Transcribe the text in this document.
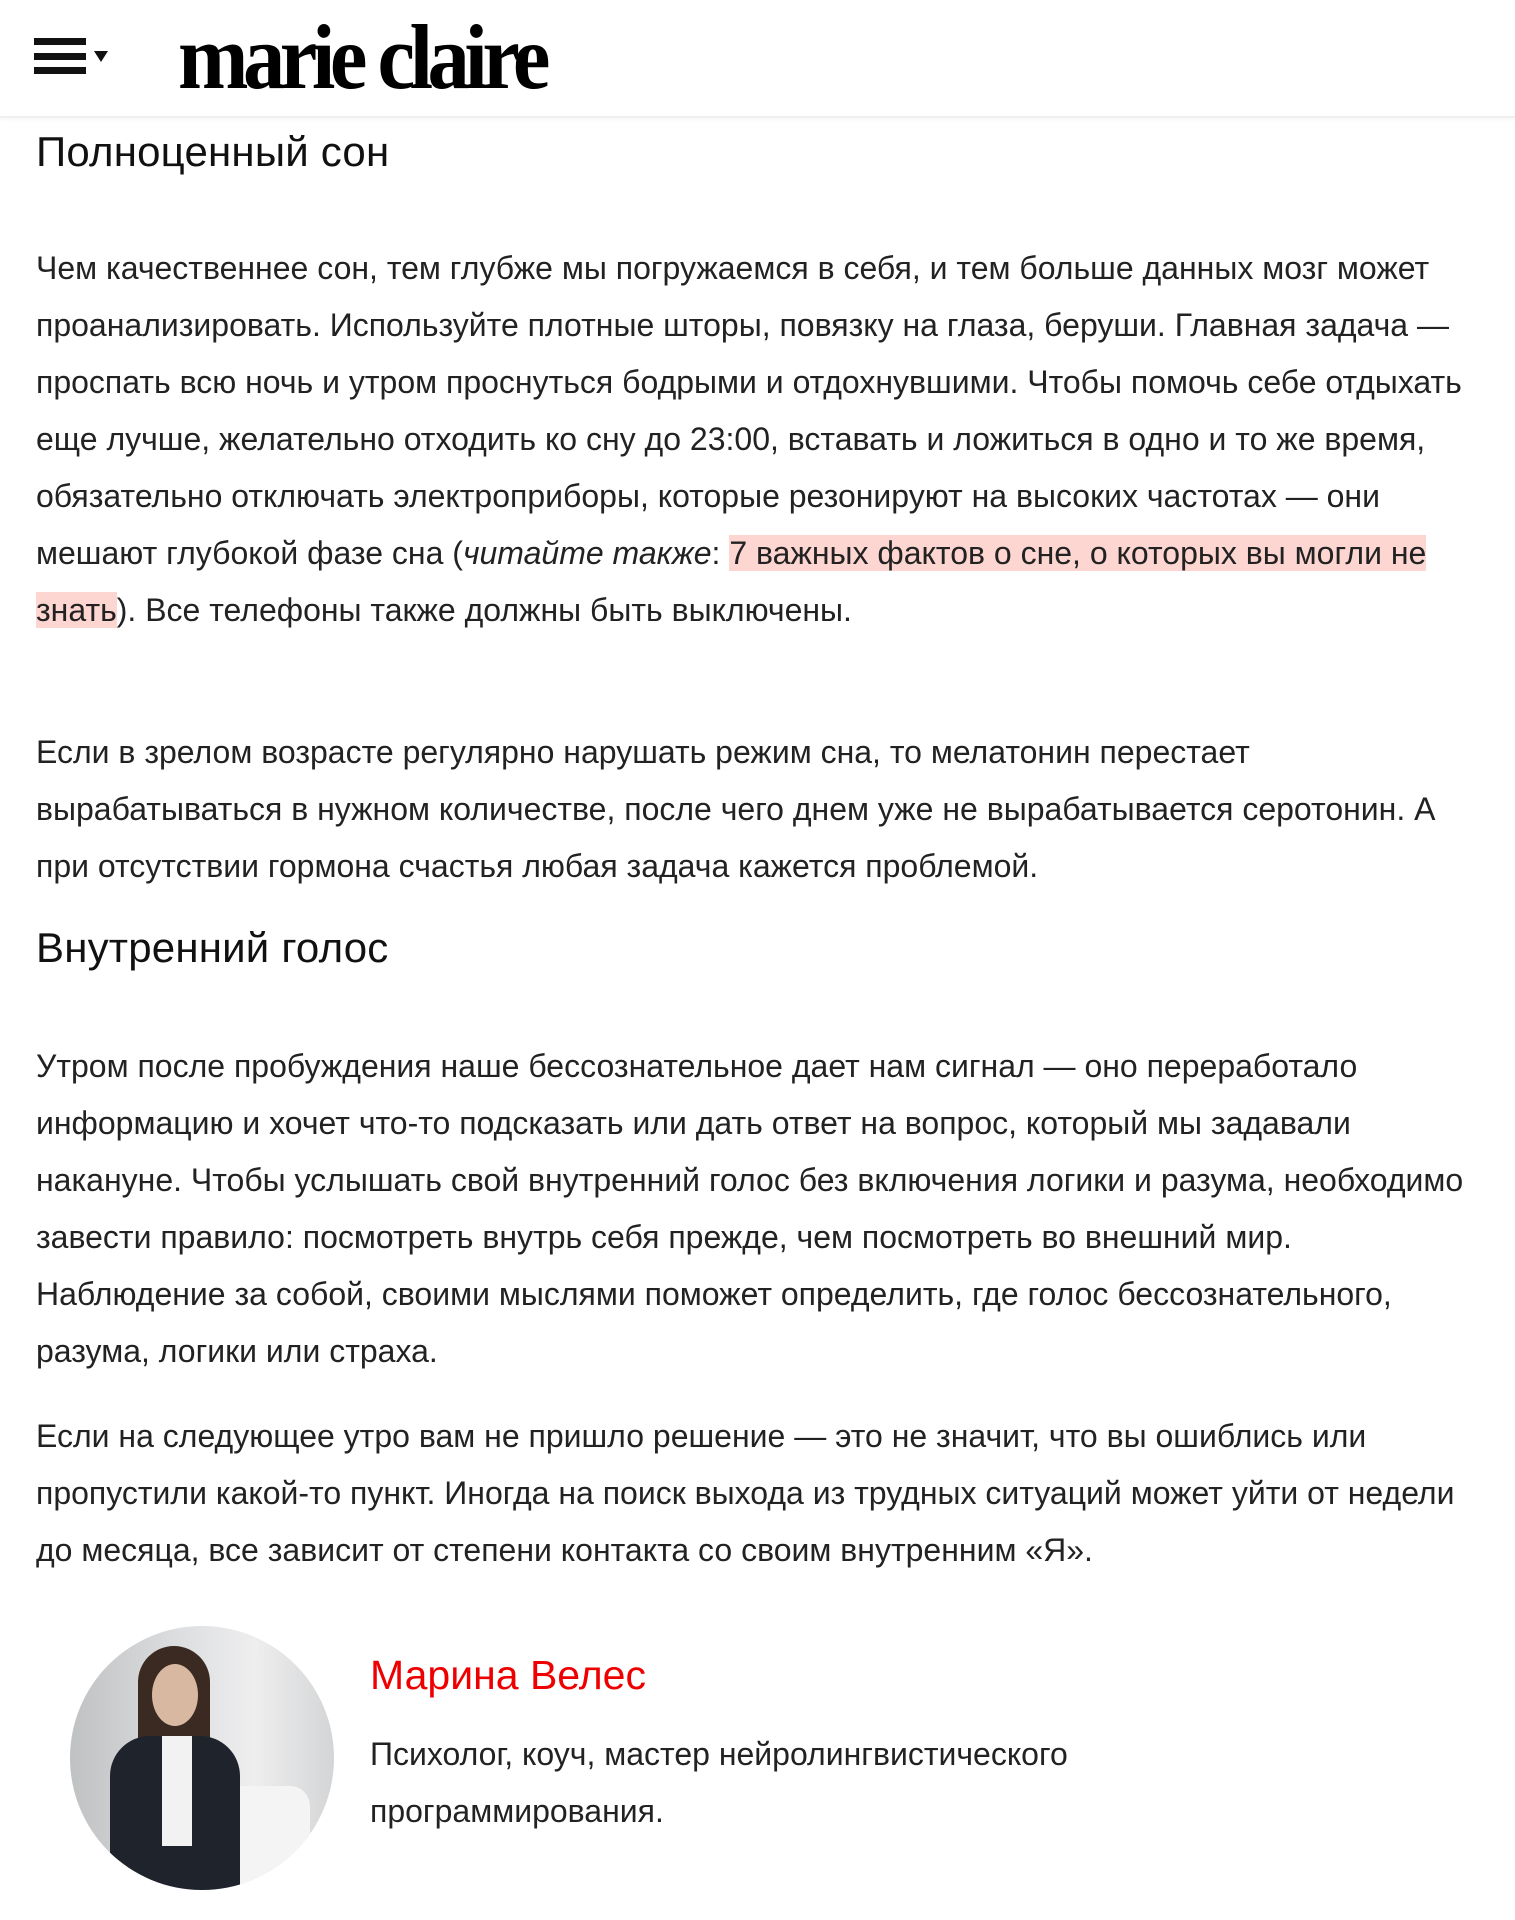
marie claire
Полноценный сон

Чем качественнее сон, тем глубже мы погружаемся в себя, и тем больше данных мозг может проанализировать. Используйте плотные шторы, повязку на глаза, беруши. Главная задача — проспать всю ночь и утром проснуться бодрыми и отдохнувшими. Чтобы помочь себе отдыхать еще лучше, желательно отходить ко сну до 23:00, вставать и ложиться в одно и то же время, обязательно отключать электроприборы, которые резонируют на высоких частотах — они мешают глубокой фазе сна (читайте также: 7 важных фактов о сне, о которых вы могли не знать). Все телефоны также должны быть выключены.

Если в зрелом возрасте регулярно нарушать режим сна, то мелатонин перестает вырабатываться в нужном количестве, после чего днем уже не вырабатывается серотонин. А при отсутствии гормона счастья любая задача кажется проблемой.

Внутренний голос

Утром после пробуждения наше бессознательное дает нам сигнал — оно переработало информацию и хочет что-то подсказать или дать ответ на вопрос, который мы задавали накануне. Чтобы услышать свой внутренний голос без включения логики и разума, необходимо завести правило: посмотреть внутрь себя прежде, чем посмотреть во внешний мир. Наблюдение за собой, своими мыслями поможет определить, где голос бессознательного, разума, логики или страха.

Если на следующее утро вам не пришло решение — это не значит, что вы ошиблись или пропустили какой-то пункт. Иногда на поиск выхода из трудных ситуаций может уйти от недели до месяца, все зависит от степени контакта со своим внутренним «Я».

Марина Велес
Психолог, коуч, мастер нейролингвистического программирования.
